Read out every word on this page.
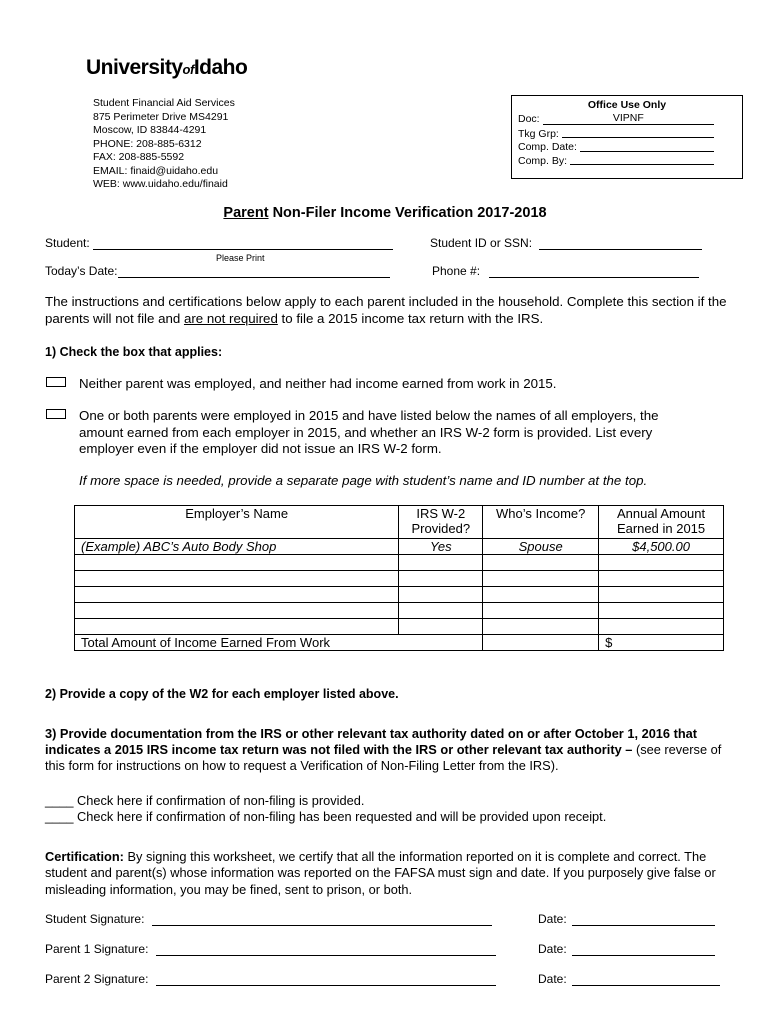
UniversityofIdaho
Student Financial Aid Services
875 Perimeter Drive MS4291
Moscow, ID 83844-4291
PHONE: 208-885-6312
FAX: 208-885-5592
EMAIL: finaid@uidaho.edu
WEB: www.uidaho.edu/finaid
Office Use Only
Doc:	VIPNF
Tkg Grp:
Comp. Date:
Comp. By:
Parent Non-Filer Income Verification 2017-2018
Student:
Please Print
Student ID or SSN:
Today’s Date:	Phone #:
The instructions and certifications below apply to each parent included in the household. Complete this section if the parents will not file and are not required to file a 2015 income tax return with the IRS.
1) Check the box that applies:
Neither parent was employed, and neither had income earned from work in 2015.
One or both parents were employed in 2015 and have listed below the names of all employers, the amount earned from each employer in 2015, and whether an IRS W-2 form is provided. List every employer even if the employer did not issue an IRS W-2 form.
If more space is needed, provide a separate page with student’s name and ID number at the top.
Employer’s Name	IRS W-2 Provided?	Who’s Income?	Annual Amount Earned in 2015
(Example) ABC’s Auto Body Shop	Yes	Spouse	$4,500.00

Total Amount of Income Earned From Work			$
2) Provide a copy of the W2 for each employer listed above.
3) Provide documentation from the IRS or other relevant tax authority dated on or after October 1, 2016 that indicates a 2015 IRS income tax return was not filed with the IRS or other relevant tax authority – (see reverse of this form for instructions on how to request a Verification of Non-Filing Letter from the IRS).
____ Check here if confirmation of non-filing is provided.
____ Check here if confirmation of non-filing has been requested and will be provided upon receipt.
Certification: By signing this worksheet, we certify that all the information reported on it is complete and correct. The student and parent(s) whose information was reported on the FAFSA must sign and date. If you purposely give false or misleading information, you may be fined, sent to prison, or both.
Student Signature:	Date:
Parent 1 Signature:	Date:
Parent 2 Signature:	Date:
